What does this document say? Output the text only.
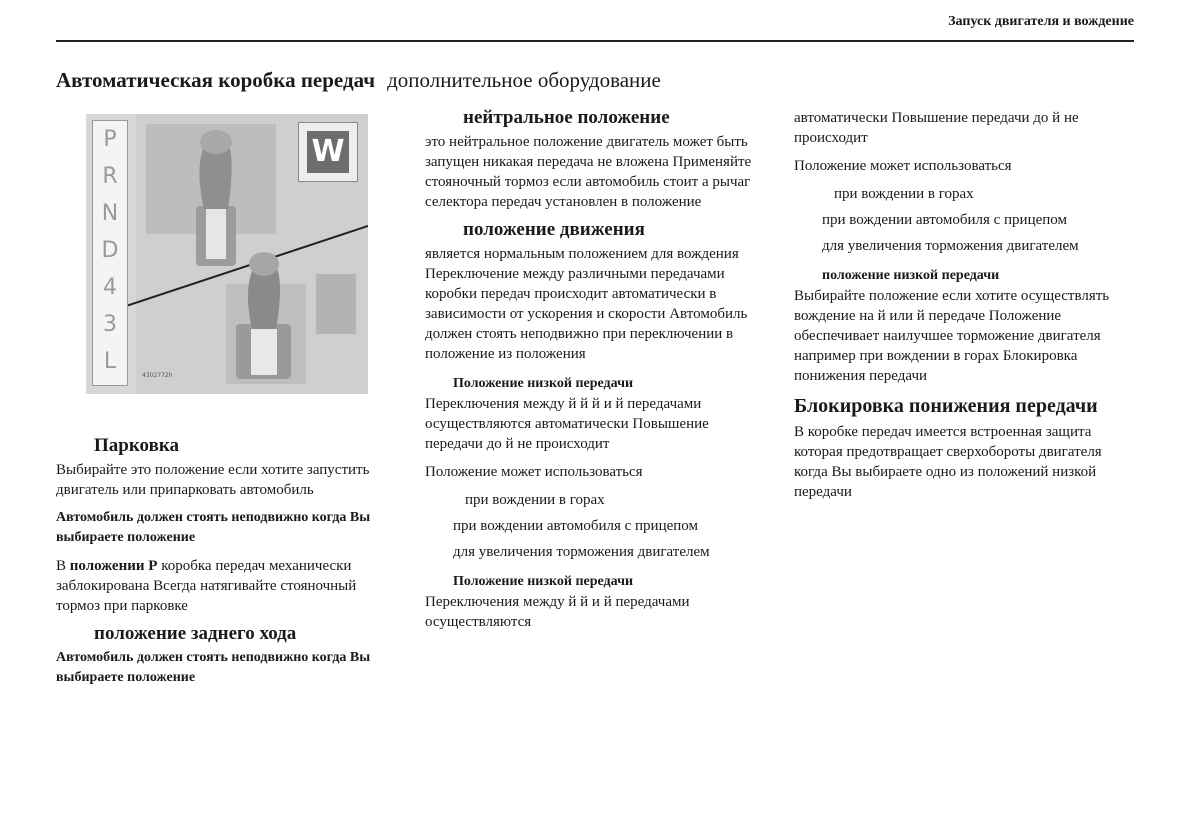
Запуск двигателя и вождение
Автоматическая коробка передач дополнительное оборудование
P
R
N
D
4
3
L
W
4302772h

Парковка

Выбирайте это положение если хотите запустить двигатель или припарковать автомобиль

Автомобиль должен стоять неподвижно когда Вы выбираете положение

В положении Р коробка передач механически заблокирована Всегда натягивайте стояночный тормоз при парковке

положение заднего хода

Автомобиль должен стоять неподвижно когда Вы выбираете положение

нейтральное положение

это нейтральное положение двигатель может быть запущен никакая передача не вложена Применяйте стояночный тормоз если автомобиль стоит а рычаг селектора передач установлен в положение

положение движения

является нормальным положением для вождения Переключение между различными передачами коробки передач происходит автоматически в зависимости от ускорения и скорости Автомобиль должен стоять неподвижно при переключении в положение из положения

Положение низкой передачи

Переключения между й й й и й передачами осуществляются автоматически Повышение передачи до й не происходит

Положение может использоваться

при вождении в горах

при вождении автомобиля с прицепом

для увеличения торможения двигателем

Положение низкой передачи

Переключения между й й и й передачами осуществляются

автоматически Повышение передачи до й не происходит

Положение может использоваться

при вождении в горах

при вождении автомобиля с прицепом

для увеличения торможения двигателем

положение низкой передачи

Выбирайте положение если хотите осуществлять вождение на й или й передаче Положение обеспечивает наилучшее торможение двигателя например при вождении в горах Блокировка понижения передачи

Блокировка понижения передачи

В коробке передач имеется встроенная защита которая предотвращает сверхобороты двигателя когда Вы выбираете одно из положений низкой передачи
